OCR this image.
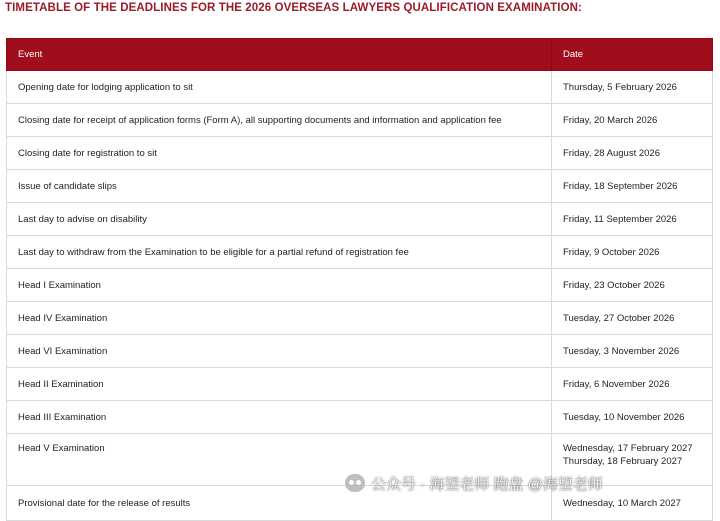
TIMETABLE OF THE DEADLINES FOR THE 2026 OVERSEAS LAWYERS QUALIFICATION EXAMINATION:
Event	Date
Opening date for lodging application to sit	Thursday, 5 February 2026

Closing date for receipt of application forms (Form A), all supporting documents and information and application fee	Friday, 20 March 2026

Closing date for registration to sit	Friday, 28 August 2026

Issue of candidate slips	Friday, 18 September 2026

Last day to advise on disability	Friday, 11 September 2026

Last day to withdraw from the Examination to be eligible for a partial refund of registration fee	Friday, 9 October 2026

Head I Examination	Friday, 23 October 2026

Head IV Examination	Tuesday, 27 October 2026

Head VI Examination	Tuesday, 3 November 2026

Head II Examination	Friday, 6 November 2026

Head III Examination	Tuesday, 10 November 2026

Head V Examination	Wednesday, 17 February 2027
Thursday, 18 February 2027

Provisional date for the release of results	Wednesday, 10 March 2027
公众号 · 海望老师 跑盘 @海望老师
